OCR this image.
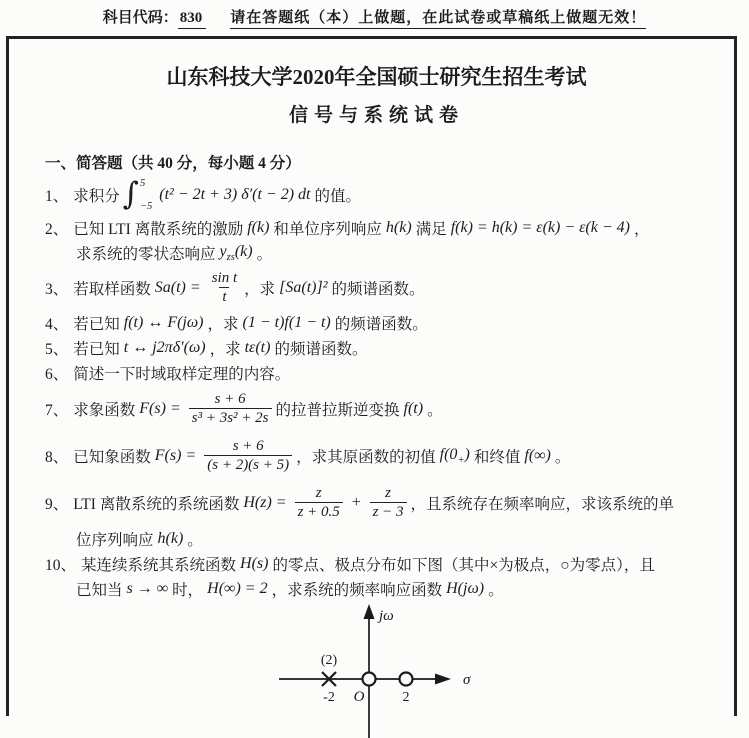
科目代码： 830 请在答题纸（本）上做题，在此试卷或草稿纸上做题无效！
山东科技大学2020年全国硕士研究生招生考试
信号与系统试卷
一、简答题（共 40 分，每小题 4 分）
1、 求积分 ∫ 5
−5
(t² − 2t + 3) δ′(t − 2) dt 的值。
2、 已知 LTI 离散系统的激励 f(k) 和单位序列响应 h(k) 满足 f(k) = h(k) = ε(k) − ε(k − 4) ，
求系统的零状态响应 $y_{zs}(k)$ 。
3、 若取样函数 $Sa(t) = \frac{\text{sin t}}{t}$ ，求 [Sa(t)]² 的频谱函数。
4、 若已知 f(t) ↔ F(jω) ，求 (1 − t)f(1 − t) 的频谱函数。
5、 若已知 t ↔ j2πδ′(ω) ，求 tε(t) 的频谱函数。
6、 简述一下时域取样定理的内容。
7、 求象函数 $F(s) = \frac{s + 6}{\text{s³ + 3s² + 2s}}$ 的拉普拉斯逆变换 f(t) 。
8、 已知象函数 $F(s) = \frac{s + 6}{(s + 2)(s + 5)}$ ，求其原函数的初值 $f(0_+)$ 和终值 f(∞) 。
9、 LTI 离散系统的系统函数 $H(z) = \frac{z}{z + 0.5} + \frac{z}{z - 3}$ ，且系统存在频率响应，求该系统的单
位序列响应 h(k) 。
10、 某连续系统其系统函数 H(s) 的零点、极点分布如下图（其中×为极点，○为零点），且
已知当 s → ∞ 时， H(∞) = 2 ，求系统的频率响应函数 H(jω) 。
(2)
-2 O	2
jω
σ
